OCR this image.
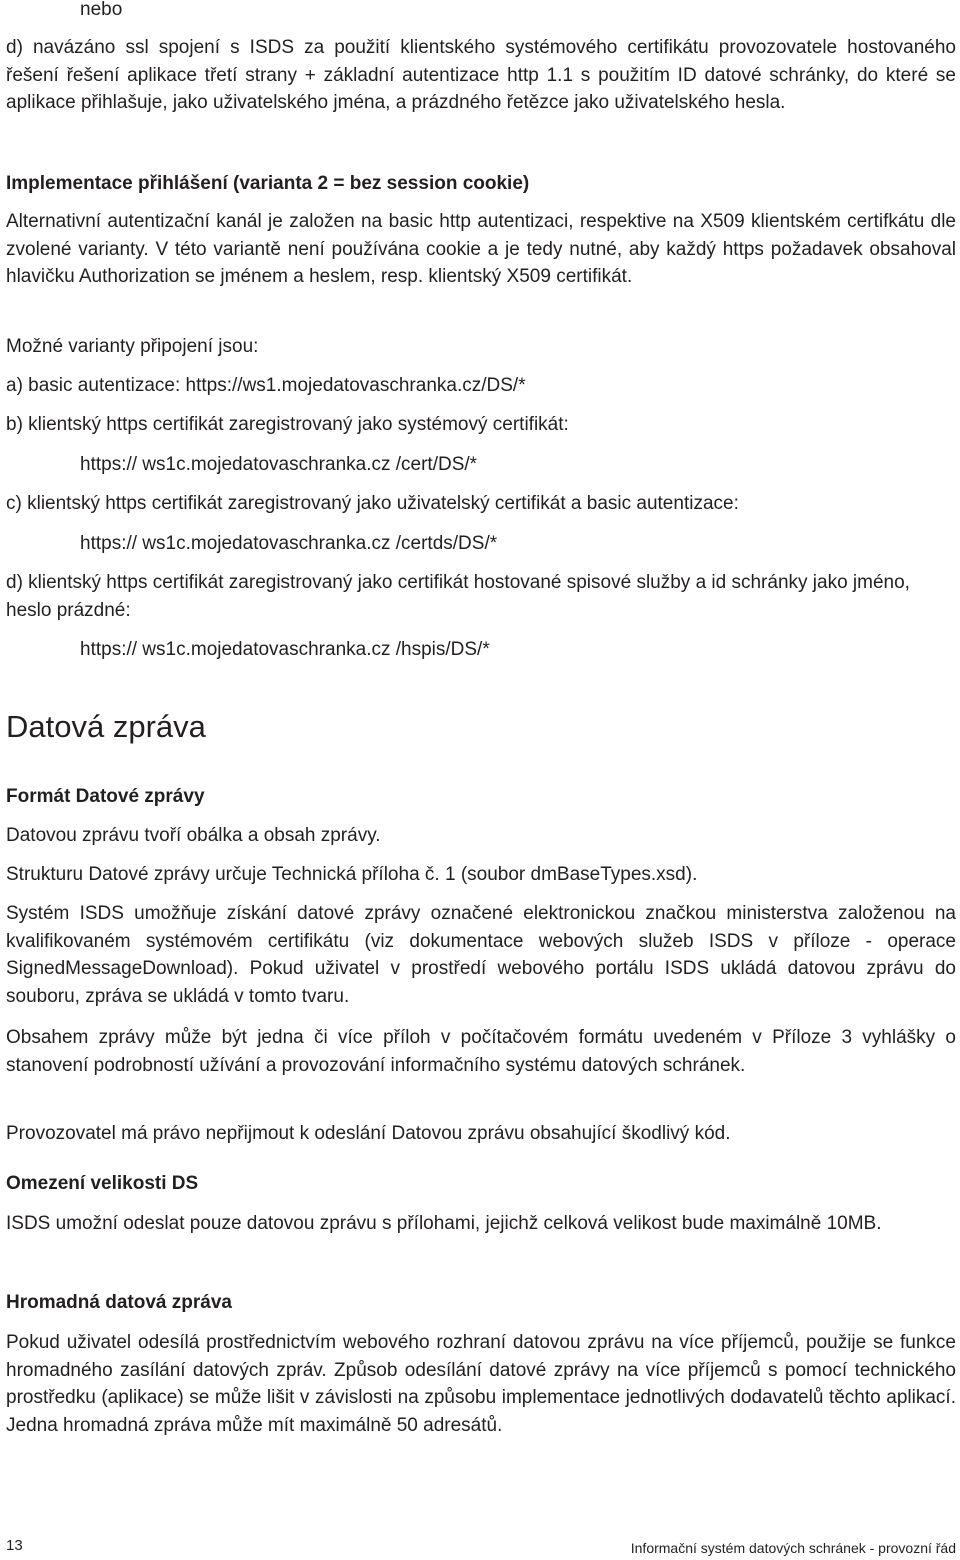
nebo

d) navázáno ssl spojení s ISDS za použití klientského systémového certifikátu provozovatele hostovaného řešení řešení aplikace třetí strany + základní autentizace http 1.1 s použitím ID datové schránky, do které se aplikace přihlašuje, jako uživatelského jména, a prázdného řetězce jako uživatelského hesla.

Implementace přihlášení (varianta 2 = bez session cookie)

Alternativní autentizační kanál je založen na basic http autentizaci, respektive na X509 klientském certifkátu dle zvolené varianty. V této variantě není používána cookie a je tedy nutné, aby každý https požadavek obsahoval hlavičku Authorization se jménem a heslem, resp. klientský X509 certifikát.

Možné varianty připojení jsou:

a) basic autentizace: https://ws1.mojedatovaschranka.cz/DS/*

b) klientský https certifikát zaregistrovaný jako systémový certifikát:

https:// ws1c.mojedatovaschranka.cz /cert/DS/*

c) klientský https certifikát zaregistrovaný jako uživatelský certifikát a basic autentizace:

https:// ws1c.mojedatovaschranka.cz /certds/DS/*

d) klientský https certifikát zaregistrovaný jako certifikát hostované spisové služby a id schránky jako jméno, heslo prázdné:

https:// ws1c.mojedatovaschranka.cz /hspis/DS/*

Datová zpráva
Formát Datové zprávy

Datovou zprávu tvoří obálka a obsah zprávy.

Strukturu Datové zprávy určuje Technická příloha č. 1 (soubor dmBaseTypes.xsd).

Systém ISDS umožňuje získání datové zprávy označené elektronickou značkou ministerstva založenou na kvalifikovaném systémovém certifikátu (viz dokumentace webových služeb ISDS v příloze - operace SignedMessageDownload). Pokud uživatel v prostředí webového portálu ISDS ukládá datovou zprávu do souboru, zpráva se ukládá v tomto tvaru.

Obsahem zprávy může být jedna či více příloh v počítačovém formátu uvedeném v Příloze 3 vyhlášky o stanovení podrobností užívání a provozování informačního systému datových schránek.

Provozovatel má právo nepřijmout k odeslání Datovou zprávu obsahující škodlivý kód.

Omezení velikosti DS

ISDS umožní odeslat pouze datovou zprávu s přílohami, jejichž celková velikost bude maximálně 10MB.

Hromadná datová zpráva

Pokud uživatel odesílá prostřednictvím webového rozhraní datovou zprávu na více příjemců, použije se funkce hromadného zasílání datových zpráv. Způsob odesílání datové zprávy na více příjemců s pomocí technického prostředku (aplikace) se může lišit v závislosti na způsobu implementace jednotlivých dodavatelů těchto aplikací. Jedna hromadná zpráva může mít maximálně 50 adresátů.

13	Informační systém datových schránek - provozní řád
